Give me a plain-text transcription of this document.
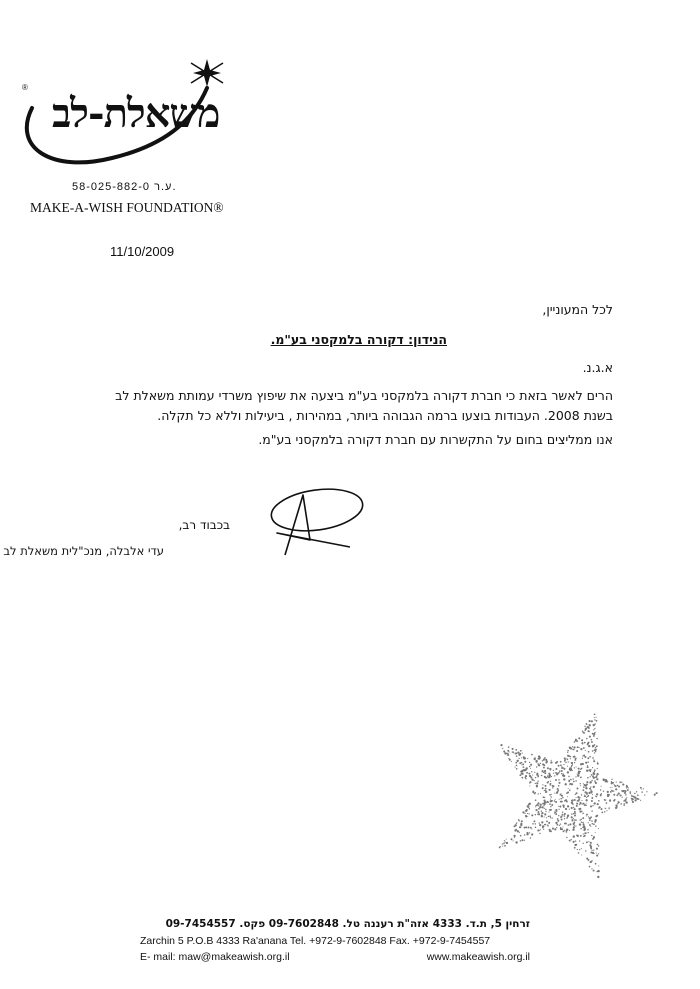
®
משאלת-לב
58-025-882-0 ע.ר.
MAKE-A-WISH FOUNDATION®
11/10/2009
לכל המעוניין,
הנידון: דקורה בלמקסני בע"מ.
א.ג.נ.
הרים לאשר בזאת כי חברת דקורה בלמקסני בע"מ ביצעה את שיפוץ משרדי עמותת משאלת לב בשנת 2008. העבודות בוצעו ברמה הגבוהה ביותר, במהירות , ביעילות וללא כל תקלה.
אנו ממליצים בחום על התקשרות עם חברת דקורה בלמקסני בע"מ.
בכבוד רב,
עדי אלבלה, מנכ"לית משאלת לב
זרחין 5, ת.ד. 4333 אזה"ת רעננה טל. 09-7602848 פקס. 09-7454557
Zarchin 5 P.O.B 4333 Ra'anana Tel. +972-9-7602848 Fax. +972-9-7454557
E- mail: maw@makeawish.org.il	www.makeawish.org.il
